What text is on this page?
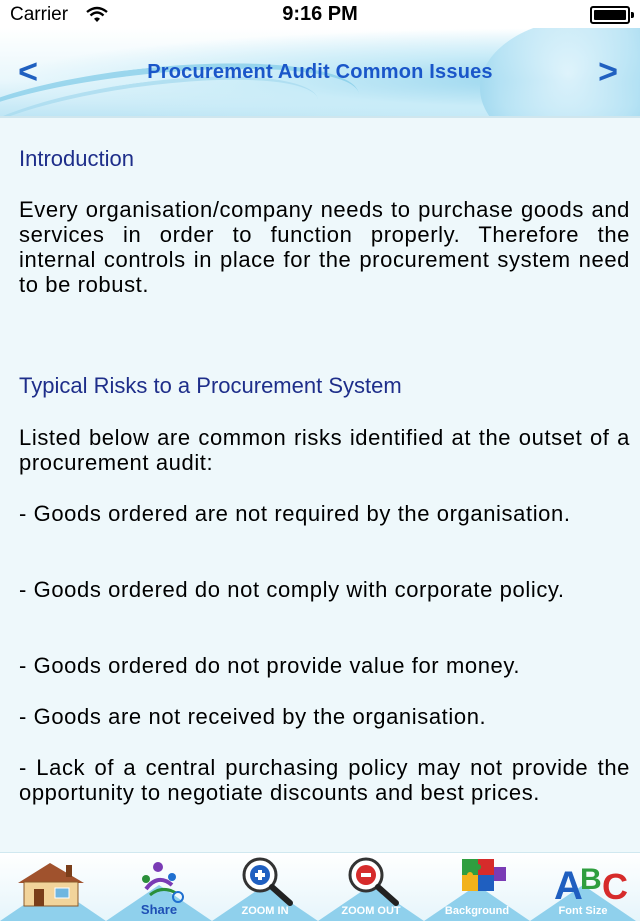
Carrier	9:16 PM
<	Procurement Audit Common Issues	>

Introduction

Every organisation/company needs to purchase goods and services in order to function properly. Therefore the internal controls in place for the procurement system need to be robust.

Typical Risks to a Procurement System

Listed below are common risks identified at the outset of a procurement audit:

- Goods ordered are not required by the organisation.

- Goods ordered do not comply with corporate policy.

- Goods ordered do not provide value for money.

- Goods are not received by the organisation.

- Lack of a central purchasing policy may not provide the opportunity to negotiate discounts and best prices.

Share	ZOOM IN	ZOOM OUT	Background
A
B C
Font Size
